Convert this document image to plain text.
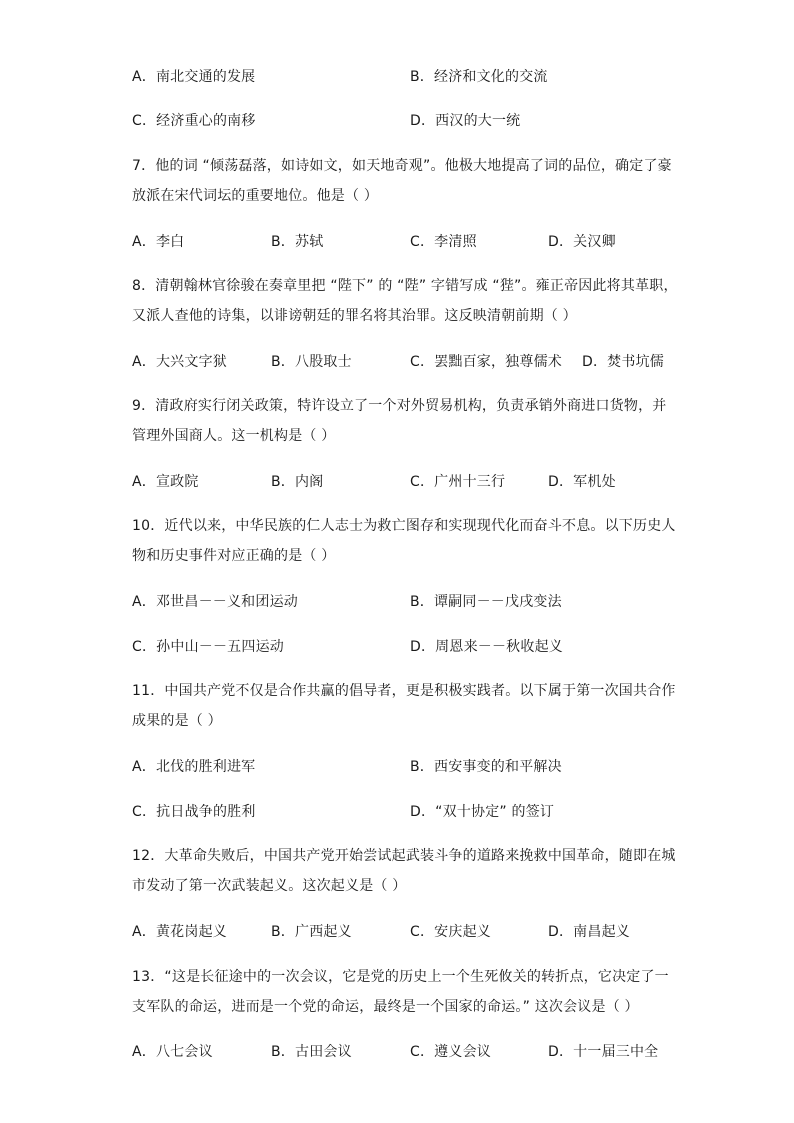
A．南北交通的发展	B．经济和文化的交流
C．经济重心的南移	D．西汉的大一统
7．他的词 “倾荡磊落，如诗如文，如天地奇观”。他极大地提高了词的品位，确定了豪
放派在宋代词坛的重要地位。他是（ ）
A．李白	B．苏轼	C．李清照	D．关汉卿
8．清朝翰林官徐骏在奏章里把 “陛下” 的 “陛” 字错写成 “狴”。雍正帝因此将其革职，
又派人查他的诗集，以诽谤朝廷的罪名将其治罪。这反映清朝前期（ ）
A．大兴文字狱	B．八股取士	C．罢黜百家，独尊儒术 D．焚书坑儒
9．清政府实行闭关政策，特许设立了一个对外贸易机构，负责承销外商进口货物，并
管理外国商人。这一机构是（ ）
A．宣政院	B．内阁	C．广州十三行	D．军机处
10．近代以来，中华民族的仁人志士为救亡图存和实现现代化而奋斗不息。以下历史人
物和历史事件对应正确的是（ ）
A．邓世昌－－义和团运动	B．谭嗣同－－戊戌变法
C．孙中山－－五四运动	D．周恩来－－秋收起义
11．中国共产党不仅是合作共赢的倡导者，更是积极实践者。以下属于第一次国共合作
成果的是（ ）
A．北伐的胜利进军	B．西安事变的和平解决
C．抗日战争的胜利	D．“双十协定” 的签订
12．大革命失败后，中国共产党开始尝试起武装斗争的道路来挽救中国革命，随即在城
市发动了第一次武装起义。这次起义是（ ）
A．黄花岗起义	B．广西起义	C．安庆起义	D．南昌起义
13．“这是长征途中的一次会议，它是党的历史上一个生死攸关的转折点，它决定了一
支军队的命运，进而是一个党的命运，最终是一个国家的命运。” 这次会议是（ ）
A．八七会议	B．古田会议	C．遵义会议	D．十一届三中全
